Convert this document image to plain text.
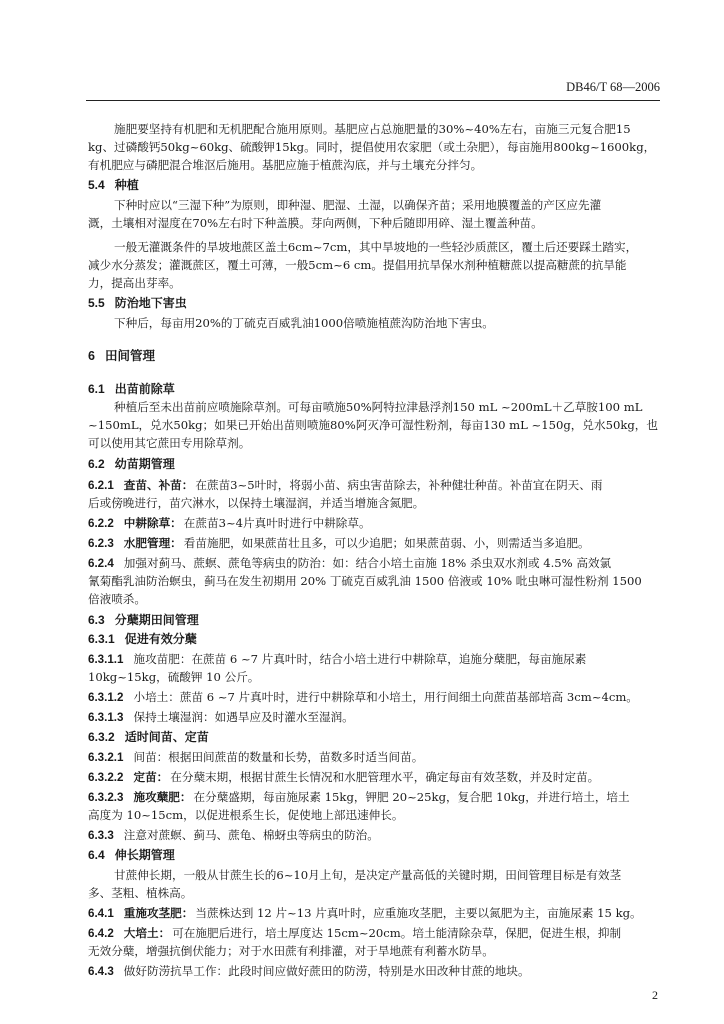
DB46/T 68—2006
施肥要坚持有机肥和无机肥配合施用原则。基肥应占总施肥量的30%~40%左右，亩施三元复合肥15
kg、过磷酸钙50kg~60kg、硫酸钾15kg。同时，提倡使用农家肥（或土杂肥），每亩施用800kg~1600kg，
有机肥应与磷肥混合堆沤后施用。基肥应施于植蔗沟底，并与土壤充分拌匀。
5.4 种植
下种时应以“三湿下种”为原则，即种湿、肥湿、土湿，以确保齐苗；采用地膜覆盖的产区应先灌
溉，土壤相对湿度在70%左右时下种盖膜。芽向两侧，下种后随即用碎、湿土覆盖种苗。
一般无灌溉条件的旱坡地蔗区盖土6cm~7cm，其中旱坡地的一些轻沙质蔗区，覆土后还要踩土踏实，
减少水分蒸发；灌溉蔗区，覆土可薄，一般5cm~6 cm。提倡用抗旱保水剂种植糖蔗以提高糖蔗的抗旱能
力，提高出芽率。
5.5 防治地下害虫
下种后，每亩用20%的丁硫克百威乳油1000倍喷施植蔗沟防治地下害虫。
6 田间管理
6.1 出苗前除草
种植后至未出苗前应喷施除草剂。可每亩喷施50%阿特拉津悬浮剂150 mL ~200mL＋乙草胺100 mL
~150mL，兑水50kg；如果已开始出苗则喷施80%阿灭净可湿性粉剂，每亩130 mL ~150g，兑水50kg，也
可以使用其它蔗田专用除草剂。
6.2 幼苗期管理
6.2.1 查苗、补苗： 在蔗苗3~5叶时，将弱小苗、病虫害苗除去，补种健壮种苗。补苗宜在阴天、雨
后或傍晚进行，苗穴淋水，以保持土壤湿润，并适当增施含氮肥。
6.2.2 中耕除草： 在蔗苗3~4片真叶时进行中耕除草。
6.2.3 水肥管理： 看苗施肥，如果蔗苗壮且多，可以少追肥；如果蔗苗弱、小，则需适当多追肥。
6.2.4 加强对蓟马、蔗螟、蔗龟等病虫的防治：如：结合小培土亩施 18% 杀虫双水剂或 4.5% 高效氯
氰菊酯乳油防治螟虫，蓟马在发生初期用 20% 丁硫克百威乳油 1500 倍液或 10% 吡虫啉可湿性粉剂 1500
倍液喷杀。
6.3 分蘖期田间管理
6.3.1 促进有效分蘖
6.3.1.1 施攻苗肥：在蔗苗 6 ~7 片真叶时，结合小培土进行中耕除草，追施分蘖肥，每亩施尿素
10kg~15kg，硫酸钾 10 公斤。
6.3.1.2 小培土：蔗苗 6 ~7 片真叶时，进行中耕除草和小培土，用行间细土向蔗苗基部培高 3cm~4cm。
6.3.1.3 保持土壤湿润：如遇旱应及时灌水至湿润。
6.3.2 适时间苗、定苗
6.3.2.1 间苗：根据田间蔗苗的数量和长势，苗数多时适当间苗。
6.3.2.2 定苗： 在分蘖末期，根据甘蔗生长情况和水肥管理水平，确定每亩有效茎数，并及时定苗。
6.3.2.3 施攻蘖肥： 在分蘖盛期，每亩施尿素 15kg，钾肥 20~25kg，复合肥 10kg，并进行培土，培土
高度为 10~15cm，以促进根系生长，促使地上部迅速伸长。
6.3.3 注意对蔗螟、蓟马、蔗龟、棉蚜虫等病虫的防治。
6.4 伸长期管理
甘蔗伸长期，一般从甘蔗生长的6~10月上旬，是决定产量高低的关键时期，田间管理目标是有效茎
多、茎粗、植株高。
6.4.1 重施攻茎肥： 当蔗株达到 12 片~13 片真叶时，应重施攻茎肥，主要以氮肥为主，亩施尿素 15 kg。
6.4.2 大培土： 可在施肥后进行，培土厚度达 15cm~20cm。培土能清除杂草，保肥，促进生根，抑制
无效分蘖，增强抗倒伏能力；对于水田蔗有利排灌，对于旱地蔗有利蓄水防旱。
6.4.3 做好防涝抗旱工作：此段时间应做好蔗田的防涝，特别是水田改种甘蔗的地块。
2
